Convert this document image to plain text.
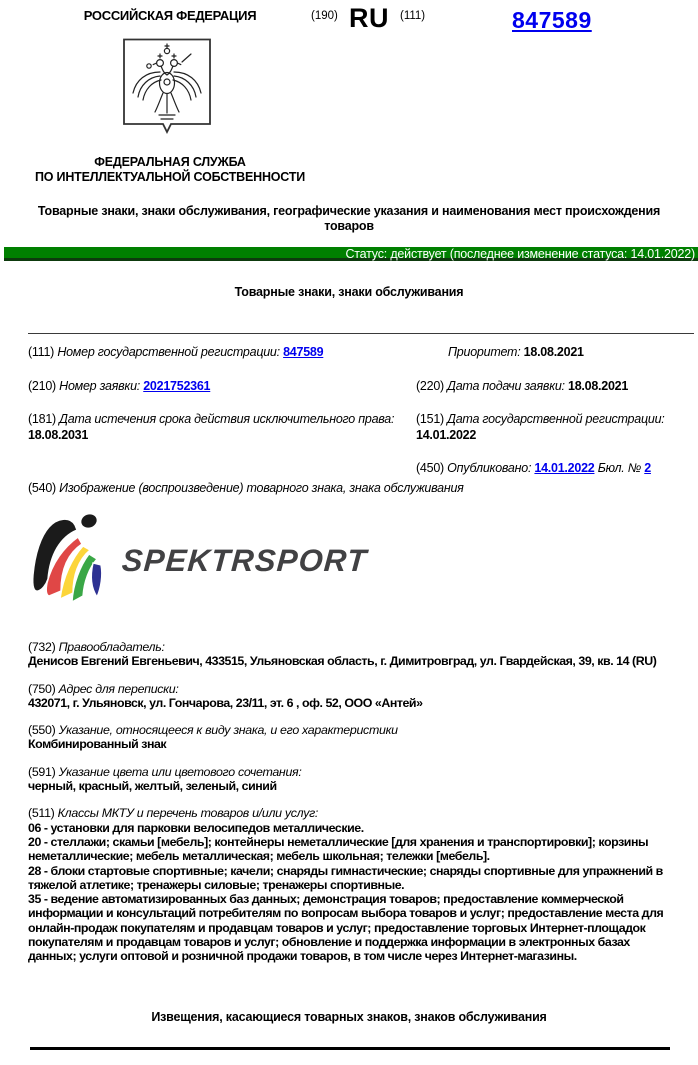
РОССИЙСКАЯ ФЕДЕРАЦИЯ	(190) RU (111)	847589
ФЕДЕРАЛЬНАЯ СЛУЖБА
ПО ИНТЕЛЛЕКТУАЛЬНОЙ СОБСТВЕННОСТИ
Товарные знаки, знаки обслуживания, географические указания и наименования мест происхождения товаров
Статус: действует (последнее изменение статуса: 14.01.2022)
Товарные знаки, знаки обслуживания
(111) Номер государственной регистрации: 847589
(210) Номер заявки: 2021752361
(181) Дата истечения срока действия исключительного права:
18.08.2031
Приоритет: 18.08.2021
(220) Дата подачи заявки: 18.08.2021
(151) Дата государственной регистрации:
14.01.2022
(450) Опубликовано: 14.01.2022 Бюл. № 2
(540) Изображение (воспроизведение) товарного знака, знака обслуживания
SPEKTRSPORT
(732) Правообладатель:
Денисов Евгений Евгеньевич, 433515, Ульяновская область, г. Димитровград, ул. Гвардейская, 39, кв. 14 (RU)
(750) Адрес для переписки:
432071, г. Ульяновск, ул. Гончарова, 23/11, эт. 6 , оф. 52, ООО «Антей»
(550) Указание, относящееся к виду знака, и его характеристики
Комбинированный знак
(591) Указание цвета или цветового сочетания:
черный, красный, желтый, зеленый, синий
(511) Классы МКТУ и перечень товаров и/или услуг:
06 - установки для парковки велосипедов металлические.
20 - стеллажи; скамьи [мебель]; контейнеры неметаллические [для хранения и транспортировки]; корзины неметаллические; мебель металлическая; мебель школьная; тележки [мебель].
28 - блоки стартовые спортивные; качели; снаряды гимнастические; снаряды спортивные для упражнений в тяжелой атлетике; тренажеры силовые; тренажеры спортивные.
35 - ведение автоматизированных баз данных; демонстрация товаров; предоставление коммерческой информации и консультаций потребителям по вопросам выбора товаров и услуг; предоставление места для онлайн-продаж покупателям и продавцам товаров и услуг; предоставление торговых Интернет-площадок покупателям и продавцам товаров и услуг; обновление и поддержка информации в электронных базах данных; услуги оптовой и розничной продажи товаров, в том числе через Интернет-магазины.
Извещения, касающиеся товарных знаков, знаков обслуживания
